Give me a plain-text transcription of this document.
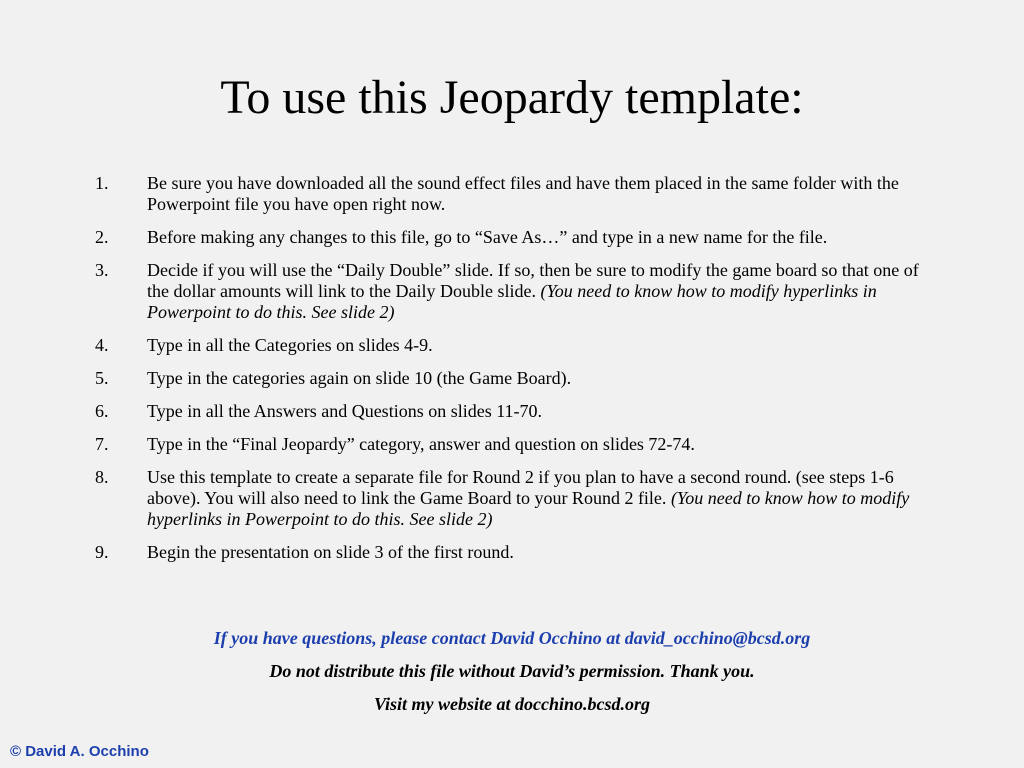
To use this Jeopardy template:
1.	Be sure you have downloaded all the sound effect files and have them placed in the same folder with the Powerpoint file you have open right now.
2.	Before making any changes to this file, go to “Save As…” and type in a new name for the file.
3.	Decide if you will use the “Daily Double” slide. If so, then be sure to modify the game board so that one of the dollar amounts will link to the Daily Double slide. (You need to know how to modify hyperlinks in Powerpoint to do this. See slide 2)
4.	Type in all the Categories on slides 4-9.
5.	Type in the categories again on slide 10 (the Game Board).
6.	Type in all the Answers and Questions on slides 11-70.
7.	Type in the “Final Jeopardy” category, answer and question on slides 72-74.
8.	Use this template to create a separate file for Round 2 if you plan to have a second round. (see steps 1-6 above). You will also need to link the Game Board to your Round 2 file. (You need to know how to modify hyperlinks in Powerpoint to do this. See slide 2)
9.	Begin the presentation on slide 3 of the first round.
If you have questions, please contact David Occhino at david_occhino@bcsd.org
Do not distribute this file without David’s permission. Thank you.
Visit my website at docchino.bcsd.org
© David A. Occhino
